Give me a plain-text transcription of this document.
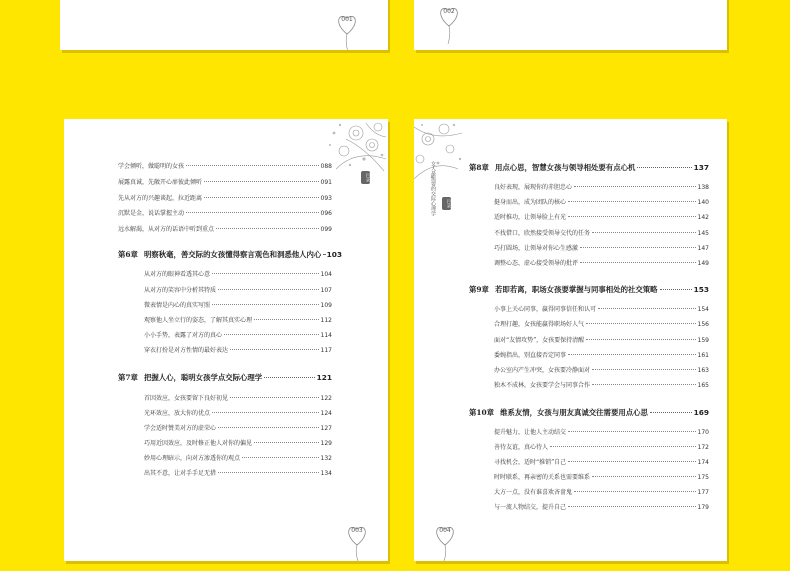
001
002
目录
学会倾听，做聪明的女孩	088
展露真诚，先敞开心扉彼此倾听	091
先从对方的兴趣谈起，拉近距离	093
沉默是金，说话掌握主动	096
远水解渴，从对方的话语中听到重点	099
第6章 明察秋毫，善交际的女孩懂得察言观色和洞悉他人内心 103
从对方的眼神看透其心意	104
从对方的笑容中分析其特质	107
微表情是内心的真实写照	109
观察他人坐立行的姿态，了解其真实心理	112
小小手势，表露了对方的真心	114
穿衣打扮是对方性情的最好表达	117
第7章 把握人心，聪明女孩学点交际心理学	121
首因效应，女孩要留下良好初见	122
光环效应，放大你的优点	124
学会适时赞美对方的虚荣心	127
巧用近因效应，及时修正他人对你的偏见	129
妙用心理暗示，向对方渗透你的观点	132
出其不意，让对手手足无措	134
003
女人最需要的交际心理学	目录
第8章 用点心思，智慧女孩与领导相处要有点心机	137
良好表现，展现你的赤胆忠心	138
挺身而出，成为团队的核心	140
适时推功，让领导脸上有光	142
不找借口，欣然接受领导交代的任务	145
巧打圆场，让领导对你心生感激	147
调整心态，虚心接受领导的批评	149
第9章 若即若离，职场女孩要掌握与同事相处的社交策略	153
小事上关心同事，赢得同事信任和认可	154
合理打趣，女孩能赢得职场好人气	156
面对“友情攻势”，女孩要保持清醒	159
委婉指出，别直接否定同事	161
办公室内产生冲突，女孩要冷静面对	163
独木不成林，女孩要学会与同事合作	165
第10章 维系友情，女孩与朋友真诚交往需要用点心思	169
提升魅力，让他人主动结交	170
善待友谊，真心待人	172
寻找机会，适时“推销”自己	174
时时联系，再亲密的关系也需要维系	175
大方一点，没有谁喜欢吝啬鬼	177
与一流人物结交，提升自己	179
004
